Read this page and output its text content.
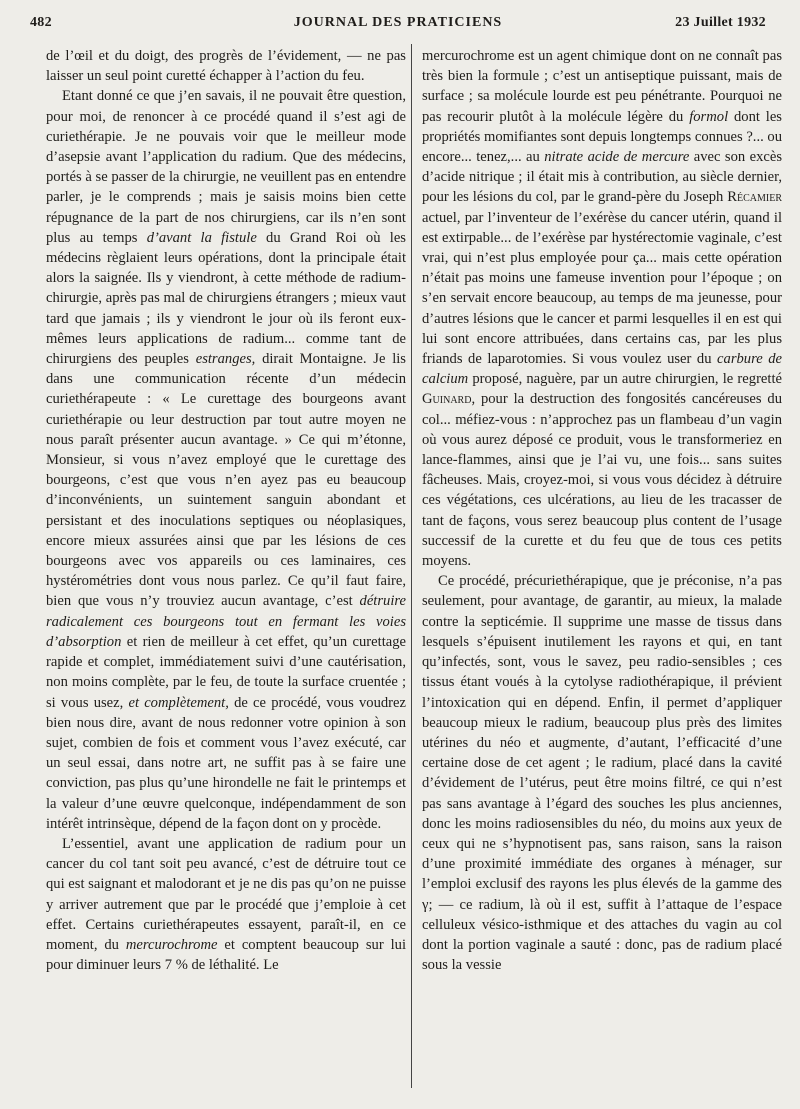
482	JOURNAL DES PRATICIENS	23 Juillet 1932

de l’œil et du doigt, des progrès de l’évidement, — ne pas laisser un seul point curetté échapper à l’action du feu.

Etant donné ce que j’en savais, il ne pouvait être question, pour moi, de renoncer à ce procédé quand il s’est agi de curiethérapie. Je ne pouvais voir que le meilleur mode d’asepsie avant l’application du radium. Que des médecins, portés à se passer de la chirurgie, ne veuillent pas en entendre parler, je le comprends ; mais je saisis moins bien cette répugnance de la part de nos chirurgiens, car ils n’en sont plus au temps d’avant la fistule du Grand Roi où les médecins règlaient leurs opérations, dont la principale était alors la saignée. Ils y viendront, à cette méthode de radium-chirurgie, après pas mal de chirurgiens étrangers ; mieux vaut tard que jamais ; ils y viendront le jour où ils feront eux-mêmes leurs applications de radium... comme tant de chirurgiens des peuples estranges, dirait Montaigne. Je lis dans une communication récente d’un médecin curiethérapeute : « Le curettage des bourgeons avant curiethérapie ou leur destruction par tout autre moyen ne nous paraît présenter aucun avantage. » Ce qui m’étonne, Monsieur, si vous n’avez employé que le curettage des bourgeons, c’est que vous n’en ayez pas eu beaucoup d’inconvénients, un suintement sanguin abondant et persistant et des inoculations septiques ou néoplasiques, encore mieux assurées ainsi que par les lésions de ces bourgeons avec vos appareils ou ces laminaires, ces hystérométries dont vous nous parlez. Ce qu’il faut faire, bien que vous n’y trouviez aucun avantage, c’est détruire radicalement ces bourgeons tout en fermant les voies d’absorption et rien de meilleur à cet effet, qu’un curettage rapide et complet, immédiatement suivi d’une cautérisation, non moins complète, par le feu, de toute la surface cruentée ; si vous usez, et complètement, de ce procédé, vous voudrez bien nous dire, avant de nous redonner votre opinion à son sujet, combien de fois et comment vous l’avez exécuté, car un seul essai, dans notre art, ne suffit pas à se faire une conviction, pas plus qu’une hirondelle ne fait le printemps et la valeur d’une œuvre quelconque, indépendamment de son intérêt intrinsèque, dépend de la façon dont on y procède.

L’essentiel, avant une application de radium pour un cancer du col tant soit peu avancé, c’est de détruire tout ce qui est saignant et malodorant et je ne dis pas qu’on ne puisse y arriver autrement que par le procédé que j’emploie à cet effet. Certains curiethérapeutes essayent, paraît-il, en ce moment, du mercurochrome et comptent beaucoup sur lui pour diminuer leurs 7 % de léthalité. Le

mercurochrome est un agent chimique dont on ne connaît pas très bien la formule ; c’est un antiseptique puissant, mais de surface ; sa molécule lourde est peu pénétrante. Pourquoi ne pas recourir plutôt à la molécule légère du formol dont les propriétés momifiantes sont depuis longtemps connues ?... ou encore... tenez,... au nitrate acide de mercure avec son excès d’acide nitrique ; il était mis à contribution, au siècle dernier, pour les lésions du col, par le grand-père du Joseph Récamier actuel, par l’inventeur de l’exérèse du cancer utérin, quand il est extirpable... de l’exérèse par hystérectomie vaginale, c’est vrai, qui n’est plus employée pour ça... mais cette opération n’était pas moins une fameuse invention pour l’époque ; on s’en servait encore beaucoup, au temps de ma jeunesse, pour d’autres lésions que le cancer et parmi lesquelles il en est qui lui sont encore attribuées, dans certains cas, par les plus friands de laparotomies. Si vous voulez user du carbure de calcium proposé, naguère, par un autre chirurgien, le regretté Guinard, pour la destruction des fongosités cancéreuses du col... méfiez-vous : n’approchez pas un flambeau d’un vagin où vous aurez déposé ce produit, vous le transformeriez en lance-flammes, ainsi que je l’ai vu, une fois... sans suites fâcheuses. Mais, croyez-moi, si vous vous décidez à détruire ces végétations, ces ulcérations, au lieu de les tracasser de tant de façons, vous serez beaucoup plus content de l’usage successif de la curette et du feu que de tous ces petits moyens.

Ce procédé, précuriethérapique, que je préconise, n’a pas seulement, pour avantage, de garantir, au mieux, la malade contre la septicémie. Il supprime une masse de tissus dans lesquels s’épuisent inutilement les rayons et qui, en tant qu’infectés, sont, vous le savez, peu radio-sensibles ; ces tissus étant voués à la cytolyse radiothérapique, il prévient l’intoxication qui en dépend. Enfin, il permet d’appliquer beaucoup mieux le radium, beaucoup plus près des limites utérines du néo et augmente, d’autant, l’efficacité d’une certaine dose de cet agent ; le radium, placé dans la cavité d’évidement de l’utérus, peut être moins filtré, ce qui n’est pas sans avantage à l’égard des souches les plus anciennes, donc les moins radiosensibles du néo, du moins aux yeux de ceux qui ne s’hypnotisent pas, sans raison, sans la raison d’une proximité immédiate des organes à ménager, sur l’emploi exclusif des rayons les plus élevés de la gamme des γ; — ce radium, là où il est, suffit à l’attaque de l’espace celluleux vésico-isthmique et des attaches du vagin au col dont la portion vaginale a sauté : donc, pas de radium placé sous la vessie
